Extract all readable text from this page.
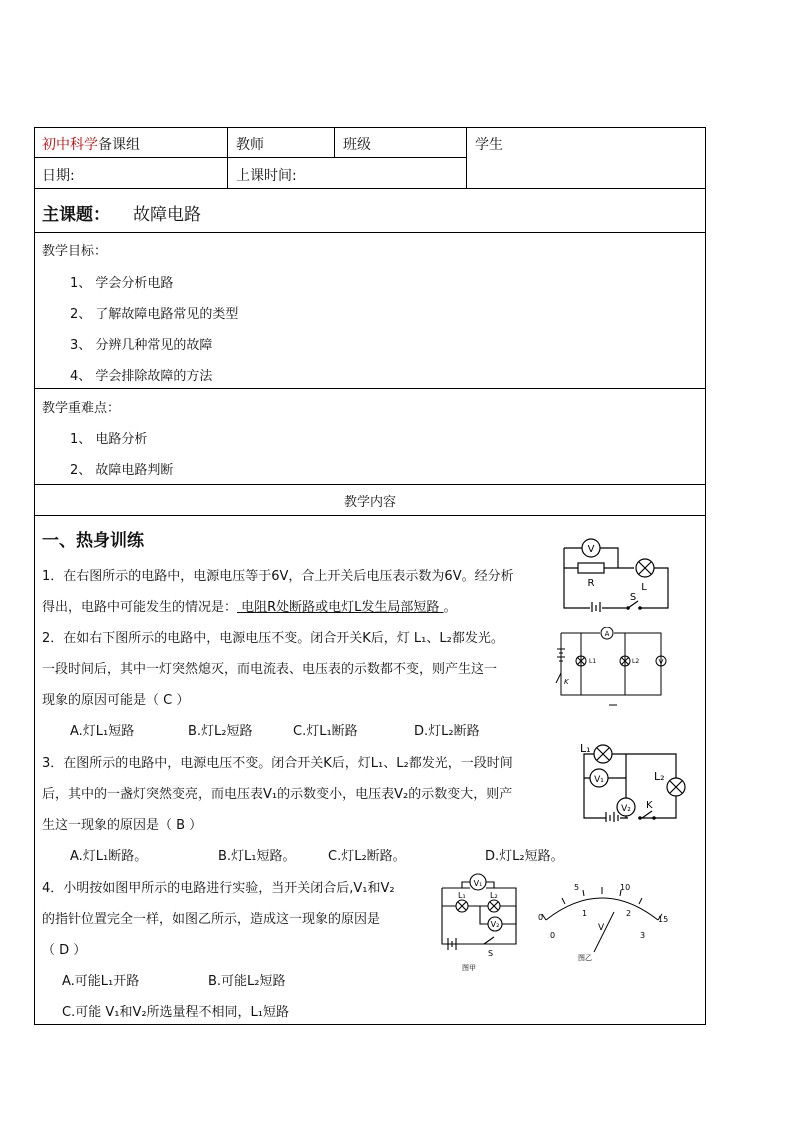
初中科学备课组	教师	班级	学生
日期:	上课时间:
主课题： 故障电路
教学目标：
1、 学会分析电路
2、 了解故障电路常见的类型
3、 分辨几种常见的故障
4、 学会排除故障的方法
教学重难点：
1、 电路分析
2、 故障电路判断
教学内容
一、热身训练
1．在右图所示的电路中，电源电压等于6V，合上开关后电压表示数为6V。经分析
得出，电路中可能发生的情况是： 电阻R处断路或电灯L发生局部短路 。
2．在如右下图所示的电路中，电源电压不变。闭合开关K后，灯 L₁、L₂都发光。
一段时间后，其中一灯突然熄灭，而电流表、电压表的示数都不变，则产生这一
现象的原因可能是（ C ）
A.灯L₁短路	B.灯L₂短路	C.灯L₁断路	D.灯L₂断路
3．在图所示的电路中，电源电压不变。闭合开关K后，灯L₁、L₂都发光，一段时间
后，其中的一盏灯突然变亮，而电压表V₁的示数变小，电压表V₂的示数变大，则产
生这一现象的原因是（ B ）
A.灯L₁断路。	B.灯L₁短路。 C.灯L₂断路。	D.灯L₂短路。
4．小明按如图甲所示的电路进行实验，当开关闭合后,V₁和V₂
的指针位置完全一样，如图乙所示，造成这一现象的原因是
（ D ）
A.可能L₁开路	B.可能L₂短路
C.可能 V₁和V₂所选量程不相同，L₁短路
V
R	L
S
A
L1	L2	V
K
L₁
V₁
V₂
L₂
K
V₁
L₁	L₂
V₂
S
图甲
0
5	10
15
0
1	2
3
V
图乙
